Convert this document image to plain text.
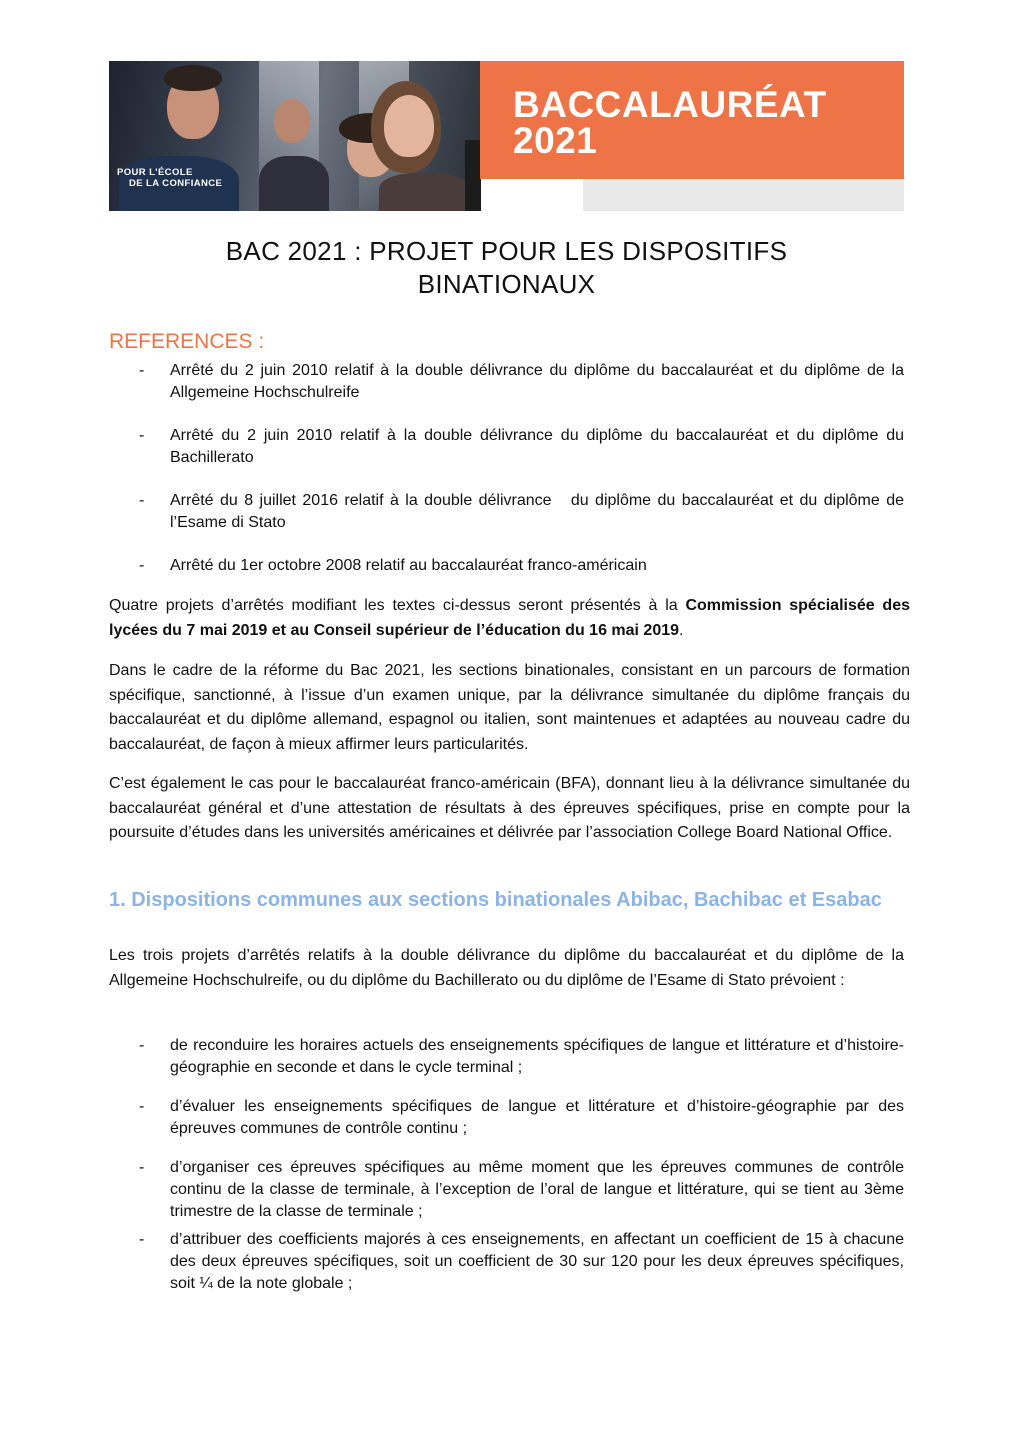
POUR L'ÉCOLE
DE LA CONFIANCE
BACCALAURÉAT
2021
BAC 2021 : PROJET POUR LES DISPOSITIFS
BINATIONAUX
REFERENCES :
- Arrêté du 2 juin 2010 relatif à la double délivrance du diplôme du baccalauréat et du diplôme de la Allgemeine Hochschulreife
- Arrêté du 2 juin 2010 relatif à la double délivrance du diplôme du baccalauréat et du diplôme du Bachillerato
- Arrêté du 8 juillet 2016 relatif à la double délivrance   du diplôme du baccalauréat et du diplôme de l’Esame di Stato
- Arrêté du 1er octobre 2008 relatif au baccalauréat franco-américain

Quatre projets d’arrêtés modifiant les textes ci-dessus seront présentés à la Commission spécialisée des lycées du 7 mai 2019 et au Conseil supérieur de l’éducation du 16 mai 2019.

Dans le cadre de la réforme du Bac 2021, les sections binationales, consistant en un parcours de formation spécifique, sanctionné, à l’issue d’un examen unique, par la délivrance simultanée du diplôme français du baccalauréat et du diplôme allemand, espagnol ou italien, sont maintenues et adaptées au nouveau cadre du baccalauréat, de façon à mieux affirmer leurs particularités.

C’est également le cas pour le baccalauréat franco-américain (BFA), donnant lieu à la délivrance simultanée du baccalauréat général et d’une attestation de résultats à des épreuves spécifiques, prise en compte pour la poursuite d’études dans les universités américaines et délivrée par l’association College Board National Office.

1. Dispositions communes aux sections binationales Abibac, Bachibac et Esabac

Les trois projets d’arrêtés relatifs à la double délivrance du diplôme du baccalauréat et du diplôme de la Allgemeine Hochschulreife, ou du diplôme du Bachillerato ou du diplôme de l’Esame di Stato prévoient :

- de reconduire les horaires actuels des enseignements spécifiques de langue et littérature et d’histoire-géographie en seconde et dans le cycle terminal ;
- d’évaluer les enseignements spécifiques de langue et littérature et d’histoire-géographie par des épreuves communes de contrôle continu ;
- d’organiser ces épreuves spécifiques au même moment que les épreuves communes de contrôle continu de la classe de terminale, à l’exception de l’oral de langue et littérature, qui se tient au 3ème trimestre de la classe de terminale ;
- d’attribuer des coefficients majorés à ces enseignements, en affectant un coefficient de 15 à chacune des deux épreuves spécifiques, soit un coefficient de 30 sur 120 pour les deux épreuves spécifiques, soit ¼ de la note globale ;
